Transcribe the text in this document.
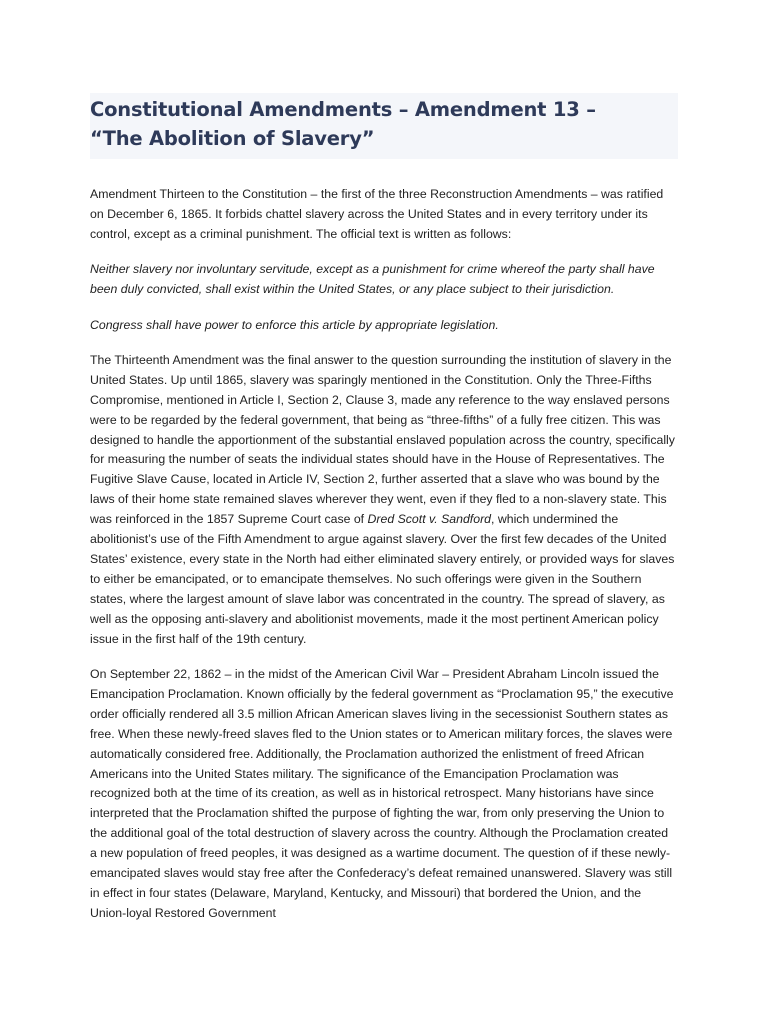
Constitutional Amendments – Amendment 13 –
“The Abolition of Slavery”

Amendment Thirteen to the Constitution – the first of the three Reconstruction Amendments – was ratified on December 6, 1865. It forbids chattel slavery across the United States and in every territory under its control, except as a criminal punishment. The official text is written as follows:

Neither slavery nor involuntary servitude, except as a punishment for crime whereof the party shall have been duly convicted, shall exist within the United States, or any place subject to their jurisdiction.

Congress shall have power to enforce this article by appropriate legislation.

The Thirteenth Amendment was the final answer to the question surrounding the institution of slavery in the United States. Up until 1865, slavery was sparingly mentioned in the Constitution. Only the Three-Fifths Compromise, mentioned in Article I, Section 2, Clause 3, made any reference to the way enslaved persons were to be regarded by the federal government, that being as “three-fifths” of a fully free citizen. This was designed to handle the apportionment of the substantial enslaved population across the country, specifically for measuring the number of seats the individual states should have in the House of Representatives. The Fugitive Slave Cause, located in Article IV, Section 2, further asserted that a slave who was bound by the laws of their home state remained slaves wherever they went, even if they fled to a non-slavery state. This was reinforced in the 1857 Supreme Court case of Dred Scott v. Sandford, which undermined the abolitionist’s use of the Fifth Amendment to argue against slavery. Over the first few decades of the United States’ existence, every state in the North had either eliminated slavery entirely, or provided ways for slaves to either be emancipated, or to emancipate themselves. No such offerings were given in the Southern states, where the largest amount of slave labor was concentrated in the country. The spread of slavery, as well as the opposing anti-slavery and abolitionist movements, made it the most pertinent American policy issue in the first half of the 19th century.

On September 22, 1862 – in the midst of the American Civil War – President Abraham Lincoln issued the Emancipation Proclamation. Known officially by the federal government as “Proclamation 95,” the executive order officially rendered all 3.5 million African American slaves living in the secessionist Southern states as free. When these newly-freed slaves fled to the Union states or to American military forces, the slaves were automatically considered free. Additionally, the Proclamation authorized the enlistment of freed African Americans into the United States military. The significance of the Emancipation Proclamation was recognized both at the time of its creation, as well as in historical retrospect. Many historians have since interpreted that the Proclamation shifted the purpose of fighting the war, from only preserving the Union to the additional goal of the total destruction of slavery across the country. Although the Proclamation created a new population of freed peoples, it was designed as a wartime document. The question of if these newly-emancipated slaves would stay free after the Confederacy’s defeat remained unanswered. Slavery was still in effect in four states (Delaware, Maryland, Kentucky, and Missouri) that bordered the Union, and the Union-loyal Restored Government
